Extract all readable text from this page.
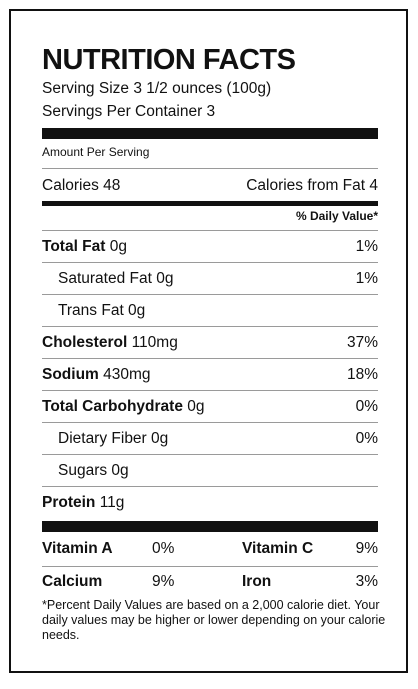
NUTRITION FACTS
Serving Size 3 1/2 ounces (100g)
Servings Per Container 3
Amount Per Serving
Calories 48	Calories from Fat 4
% Daily Value*
Total Fat 0g	1%
Saturated Fat 0g	1%
Trans Fat 0g
Cholesterol 110mg	37%
Sodium 430mg	18%
Total Carbohydrate 0g	0%
Dietary Fiber 0g	0%
Sugars 0g
Protein 11g
Vitamin A	0%	Vitamin C	9%
Calcium	9%	Iron	3%
*Percent Daily Values are based on a 2,000 calorie diet. Your daily values may be higher or lower depending on your calorie needs.
